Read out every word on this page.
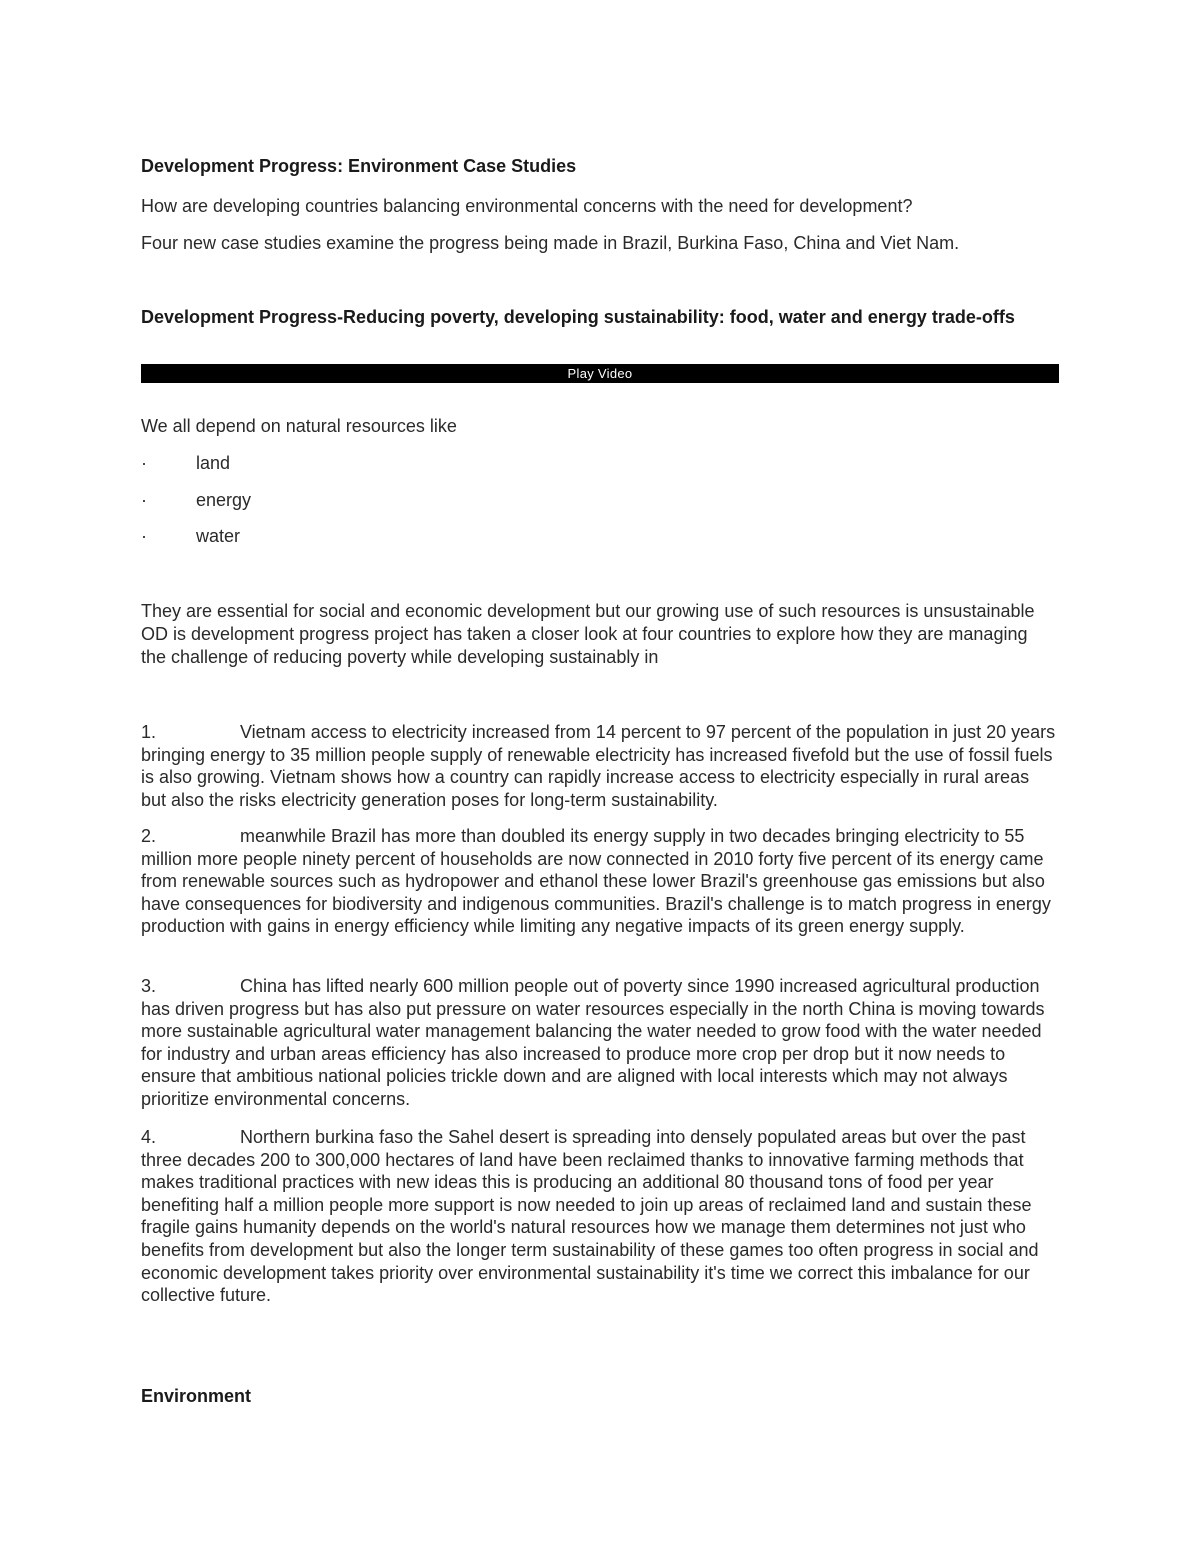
Development Progress: Environment Case Studies

How are developing countries balancing environmental concerns with the need for development?

Four new case studies examine the progress being made in Brazil, Burkina Faso, China and Viet Nam.

Development Progress-Reducing poverty, developing sustainability: food, water and energy trade-offs

Play Video

We all depend on natural resources like

·	land
·	energy
·	water

They are essential for social and economic development but our growing use of such resources is unsustainable OD is development progress project has taken a closer look at four countries to explore how they are managing the challenge of reducing poverty while developing sustainably in

1.	Vietnam access to electricity increased from 14 percent to 97 percent of the population in just 20 years bringing energy to 35 million people supply of renewable electricity has increased fivefold but the use of fossil fuels is also growing. Vietnam shows how a country can rapidly increase access to electricity especially in rural areas but also the risks electricity generation poses for long-term sustainability.

2.	meanwhile Brazil has more than doubled its energy supply in two decades bringing electricity to 55 million more people ninety percent of households are now connected in 2010 forty five percent of its energy came from renewable sources such as hydropower and ethanol these lower Brazil's greenhouse gas emissions but also have consequences for biodiversity and indigenous communities. Brazil's challenge is to match progress in energy production with gains in energy efficiency while limiting any negative impacts of its green energy supply.

3.	China has lifted nearly 600 million people out of poverty since 1990 increased agricultural production has driven progress but has also put pressure on water resources especially in the north China is moving towards more sustainable agricultural water management balancing the water needed to grow food with the water needed for industry and urban areas efficiency has also increased to produce more crop per drop but it now needs to ensure that ambitious national policies trickle down and are aligned with local interests which may not always prioritize environmental concerns.

4.	Northern burkina faso the Sahel desert is spreading into densely populated areas but over the past three decades 200 to 300,000 hectares of land have been reclaimed thanks to innovative farming methods that makes traditional practices with new ideas this is producing an additional 80 thousand tons of food per year benefiting half a million people more support is now needed to join up areas of reclaimed land and sustain these fragile gains humanity depends on the world's natural resources how we manage them determines not just who benefits from development but also the longer term sustainability of these games too often progress in social and economic development takes priority over environmental sustainability it's time we correct this imbalance for our collective future.

Environment
